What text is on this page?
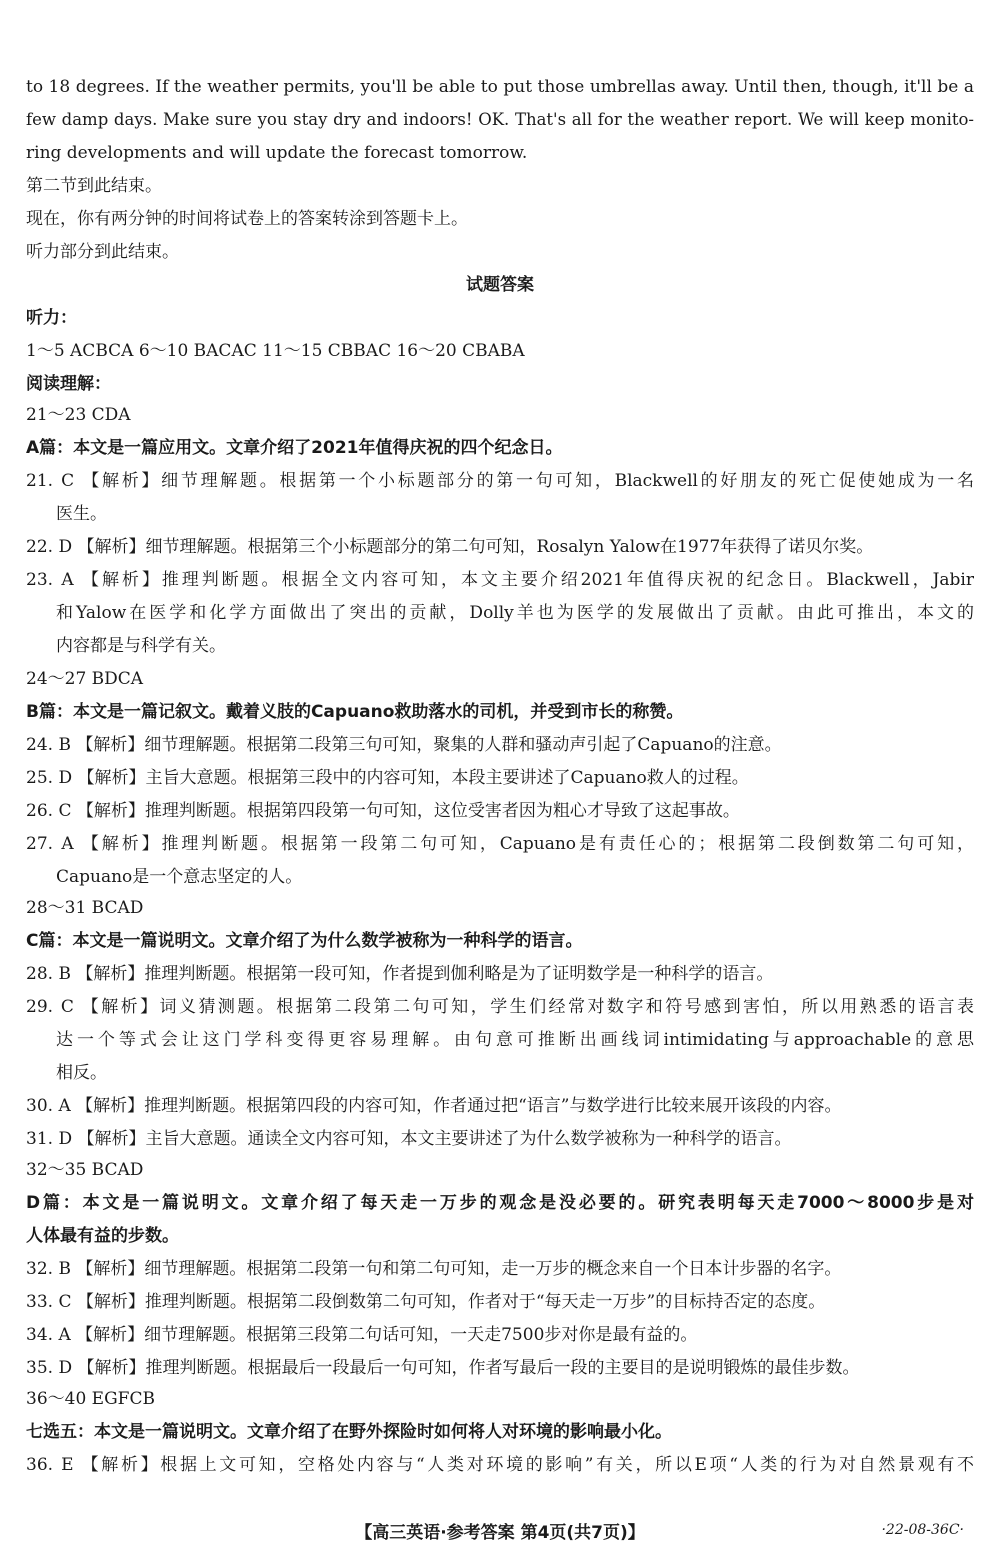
to 18 degrees. If the weather permits, you'll be able to put those umbrellas away. Until then, though, it'll be a
few damp days. Make sure you stay dry and indoors! OK. That's all for the weather report. We will keep monito-
ring developments and will update the forecast tomorrow.
第二节到此结束。
现在，你有两分钟的时间将试卷上的答案转涂到答题卡上。
听力部分到此结束。
试题答案
听力：
1～5 ACBCA 6～10 BACAC 11～15 CBBAC 16～20 CBABA
阅读理解：
21～23 CDA
A篇：本文是一篇应用文。文章介绍了2021年值得庆祝的四个纪念日。
21. C 【解析】细节理解题。根据第一个小标题部分的第一句可知，Blackwell的好朋友的死亡促使她成为一名
医生。
22. D 【解析】细节理解题。根据第三个小标题部分的第二句可知，Rosalyn Yalow在1977年获得了诺贝尔奖。
23. A 【解析】推理判断题。根据全文内容可知，本文主要介绍2021年值得庆祝的纪念日。Blackwell，Jabir
和Yalow在医学和化学方面做出了突出的贡献，Dolly羊也为医学的发展做出了贡献。由此可推出，本文的
内容都是与科学有关。
24～27 BDCA
B篇：本文是一篇记叙文。戴着义肢的Capuano救助落水的司机，并受到市长的称赞。
24. B 【解析】细节理解题。根据第二段第三句可知，聚集的人群和骚动声引起了Capuano的注意。
25. D 【解析】主旨大意题。根据第三段中的内容可知，本段主要讲述了Capuano救人的过程。
26. C 【解析】推理判断题。根据第四段第一句可知，这位受害者因为粗心才导致了这起事故。
27. A 【解析】推理判断题。根据第一段第二句可知，Capuano是有责任心的；根据第二段倒数第二句可知，
Capuano是一个意志坚定的人。
28～31 BCAD
C篇：本文是一篇说明文。文章介绍了为什么数学被称为一种科学的语言。
28. B 【解析】推理判断题。根据第一段可知，作者提到伽利略是为了证明数学是一种科学的语言。
29. C 【解析】词义猜测题。根据第二段第二句可知，学生们经常对数字和符号感到害怕，所以用熟悉的语言表
达一个等式会让这门学科变得更容易理解。由句意可推断出画线词intimidating与approachable的意思
相反。
30. A 【解析】推理判断题。根据第四段的内容可知，作者通过把“语言”与数学进行比较来展开该段的内容。
31. D 【解析】主旨大意题。通读全文内容可知，本文主要讲述了为什么数学被称为一种科学的语言。
32～35 BCAD
D篇：本文是一篇说明文。文章介绍了每天走一万步的观念是没必要的。研究表明每天走7000～8000步是对
人体最有益的步数。
32. B 【解析】细节理解题。根据第二段第一句和第二句可知，走一万步的概念来自一个日本计步器的名字。
33. C 【解析】推理判断题。根据第二段倒数第二句可知，作者对于“每天走一万步”的目标持否定的态度。
34. A 【解析】细节理解题。根据第三段第二句话可知，一天走7500步对你是最有益的。
35. D 【解析】推理判断题。根据最后一段最后一句可知，作者写最后一段的主要目的是说明锻炼的最佳步数。
36～40 EGFCB
七选五：本文是一篇说明文。文章介绍了在野外探险时如何将人对环境的影响最小化。
36. E 【解析】根据上文可知，空格处内容与“人类对环境的影响”有关，所以E项“人类的行为对自然景观有不
【高三英语·参考答案 第4页(共7页)】	·22-08-36C·
